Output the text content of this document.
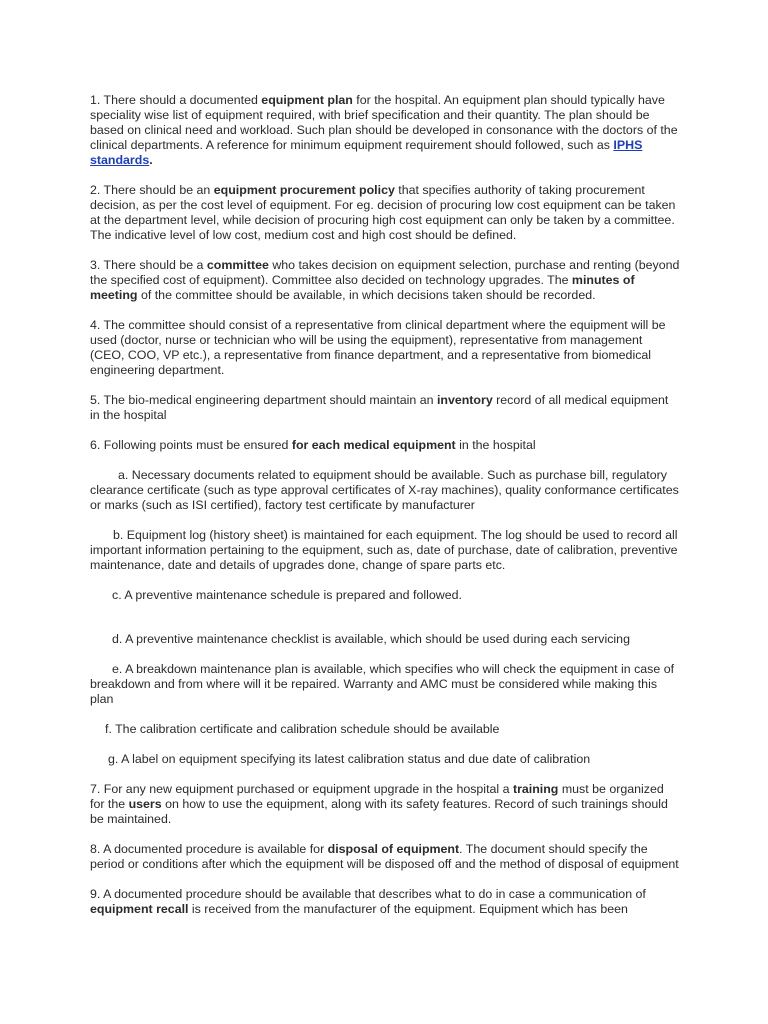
1. There should a documented equipment plan for the hospital. An equipment plan should typically have speciality wise list of equipment required, with brief specification and their quantity. The plan should be based on clinical need and workload. Such plan should be developed in consonance with the doctors of the clinical departments. A reference for minimum equipment requirement should followed, such as IPHS standards.

2. There should be an equipment procurement policy that specifies authority of taking procurement decision, as per the cost level of equipment. For eg. decision of procuring low cost equipment can be taken at the department level, while decision of procuring high cost equipment can only be taken by a committee. The indicative level of low cost, medium cost and high cost should be defined.

3. There should be a committee who takes decision on equipment selection, purchase and renting (beyond the specified cost of equipment). Committee also decided on technology upgrades. The minutes of meeting of the committee should be available, in which decisions taken should be recorded.

4. The committee should consist of a representative from clinical department where the equipment will be used (doctor, nurse or technician who will be using the equipment), representative from management (CEO, COO, VP etc.), a representative from finance department, and a representative from biomedical engineering department.

5. The bio-medical engineering department should maintain an inventory record of all medical equipment in the hospital

6. Following points must be ensured for each medical equipment in the hospital

a. Necessary documents related to equipment should be available. Such as purchase bill, regulatory clearance certificate (such as type approval certificates of X-ray machines), quality conformance certificates or marks (such as ISI certified), factory test certificate by manufacturer

b. Equipment log (history sheet) is maintained for each equipment. The log should be used to record all important information pertaining to the equipment, such as, date of purchase, date of calibration, preventive maintenance, date and details of upgrades done, change of spare parts etc.

c. A preventive maintenance schedule is prepared and followed.

d. A preventive maintenance checklist is available, which should be used during each servicing

e. A breakdown maintenance plan is available, which specifies who will check the equipment in case of breakdown and from where will it be repaired. Warranty and AMC must be considered while making this plan

f. The calibration certificate and calibration schedule should be available

g. A label on equipment specifying its latest calibration status and due date of calibration

7. For any new equipment purchased or equipment upgrade in the hospital a training must be organized for the users on how to use the equipment, along with its safety features. Record of such trainings should be maintained.

8. A documented procedure is available for disposal of equipment. The document should specify the period or conditions after which the equipment will be disposed off and the method of disposal of equipment

9. A documented procedure should be available that describes what to do in case a communication of equipment recall is received from the manufacturer of the equipment. Equipment which has been
